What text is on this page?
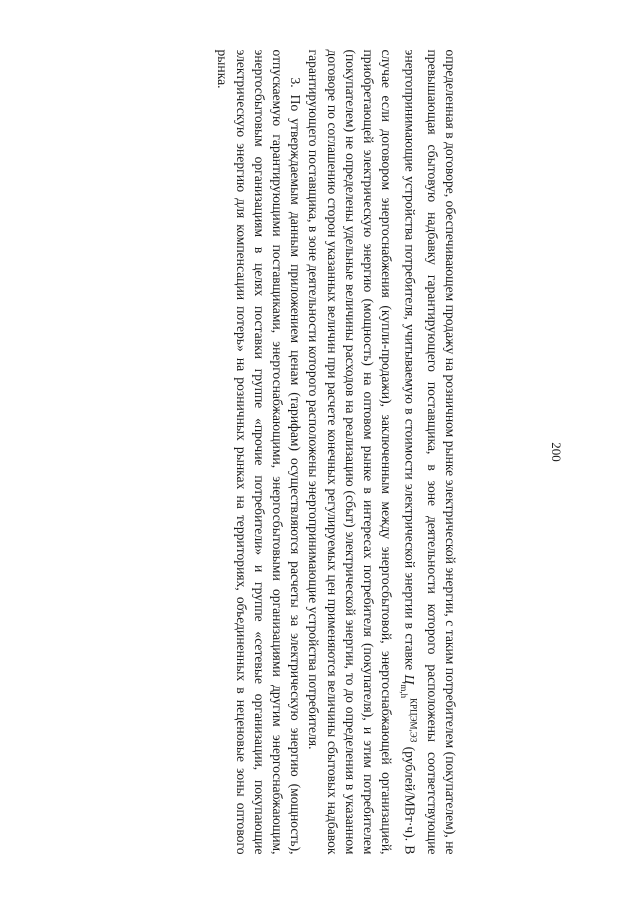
200

определенная в договоре, обеспечивающем продажу на розничном рынке электрической энергии, с таким потребителем (покупателем), не превышающая сбытовую надбавку гарантирующего поставщика, в зоне деятельности которого расположены соответствующие энергопринимающие устройства потребителя, учитываемую в стоимости электрической энергии в ставке $Ц_{m,h}^{КРЦЭМ,ЭЗ}$ (рублей/МВт·ч). В случае если договором энергоснабжения (купли-продажи), заключенным между энергосбытовой, энергоснабжающей организацией, приобретающей электрическую энергию (мощность) на оптовом рынке в интересах потребителя (покупателя), и этим потребителем (покупателем) не определены удельные величины расходов на реализацию (сбыт) электрической энергии, то до определения в указанном договоре по соглашению сторон указанных величин при расчете конечных регулируемых цен применяются величины сбытовых надбавок гарантирующего поставщика, в зоне деятельности которого расположены энергопринимающие устройства потребителя.

3. По утверждаемым данным приложением ценам (тарифам) осуществляются расчеты за электрическую энергию (мощность), отпускаемую гарантирующими поставщиками, энергоснабжающими, энергосбытовыми организациями другим энергоснабжающим, энергосбытовым организациям в целях поставки группе «прочие потребители» и группе «сетевые организации, покупающие электрическую энергию для компенсации потерь» на розничных рынках на территориях, объединенных в неценовые зоны оптового рынка.
